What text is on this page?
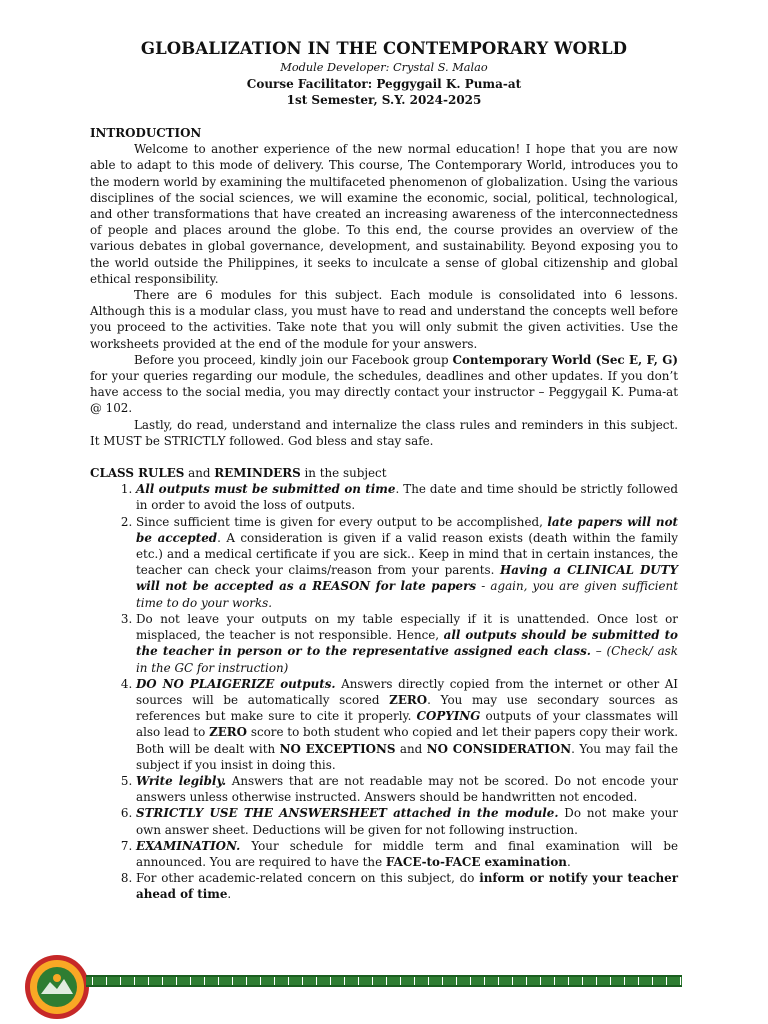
GLOBALIZATION IN THE CONTEMPORARY WORLD
Module Developer: Crystal S. Malao
Course Facilitator: Peggygail K. Puma-at
1st Semester, S.Y. 2024-2025
INTRODUCTION

Welcome to another experience of the new normal education! I hope that you are now able to adapt to this mode of delivery. This course, The Contemporary World, introduces you to the modern world by examining the multifaceted phenomenon of globalization. Using the various disciplines of the social sciences, we will examine the economic, social, political, technological, and other transformations that have created an increasing awareness of the interconnectedness of people and places around the globe. To this end, the course provides an overview of the various debates in global governance, development, and sustainability. Beyond exposing you to the world outside the Philippines, it seeks to inculcate a sense of global citizenship and global ethical responsibility.

There are 6 modules for this subject. Each module is consolidated into 6 lessons. Although this is a modular class, you must have to read and understand the concepts well before you proceed to the activities. Take note that you will only submit the given activities. Use the worksheets provided at the end of the module for your answers.

Before you proceed, kindly join our Facebook group Contemporary World (Sec E, F, G) for your queries regarding our module, the schedules, deadlines and other updates. If you don’t have access to the social media, you may directly contact your instructor – Peggygail K. Puma-at @ 102.

Lastly, do read, understand and internalize the class rules and reminders in this subject. It MUST be STRICTLY followed. God bless and stay safe.

CLASS RULES and REMINDERS in the subject
1. All outputs must be submitted on time. The date and time should be strictly followed in order to avoid the loss of outputs.
2. Since sufficient time is given for every output to be accomplished, late papers will not be accepted. A consideration is given if a valid reason exists (death within the family etc.) and a medical certificate if you are sick.. Keep in mind that in certain instances, the teacher can check your claims/reason from your parents. Having a CLINICAL DUTY will not be accepted as a REASON for late papers - again, you are given sufficient time to do your works.
3. Do not leave your outputs on my table especially if it is unattended. Once lost or misplaced, the teacher is not responsible. Hence, all outputs should be submitted to the teacher in person or to the representative assigned each class. – (Check/ ask in the GC for instruction)
4. DO NO PLAIGERIZE outputs. Answers directly copied from the internet or other AI sources will be automatically scored ZERO. You may use secondary sources as references but make sure to cite it properly. COPYING outputs of your classmates will also lead to ZERO score to both student who copied and let their papers copy their work. Both will be dealt with NO EXCEPTIONS and NO CONSIDERATION. You may fail the subject if you insist in doing this.
5. Write legibly. Answers that are not readable may not be scored. Do not encode your answers unless otherwise instructed. Answers should be handwritten not encoded.
6. STRICTLY USE THE ANSWERSHEET attached in the module. Do not make your own answer sheet. Deductions will be given for not following instruction.
7. EXAMINATION. Your schedule for middle term and final examination will be announced. You are required to have the FACE-to-FACE examination.
8. For other academic-related concern on this subject, do inform or notify your teacher ahead of time.
